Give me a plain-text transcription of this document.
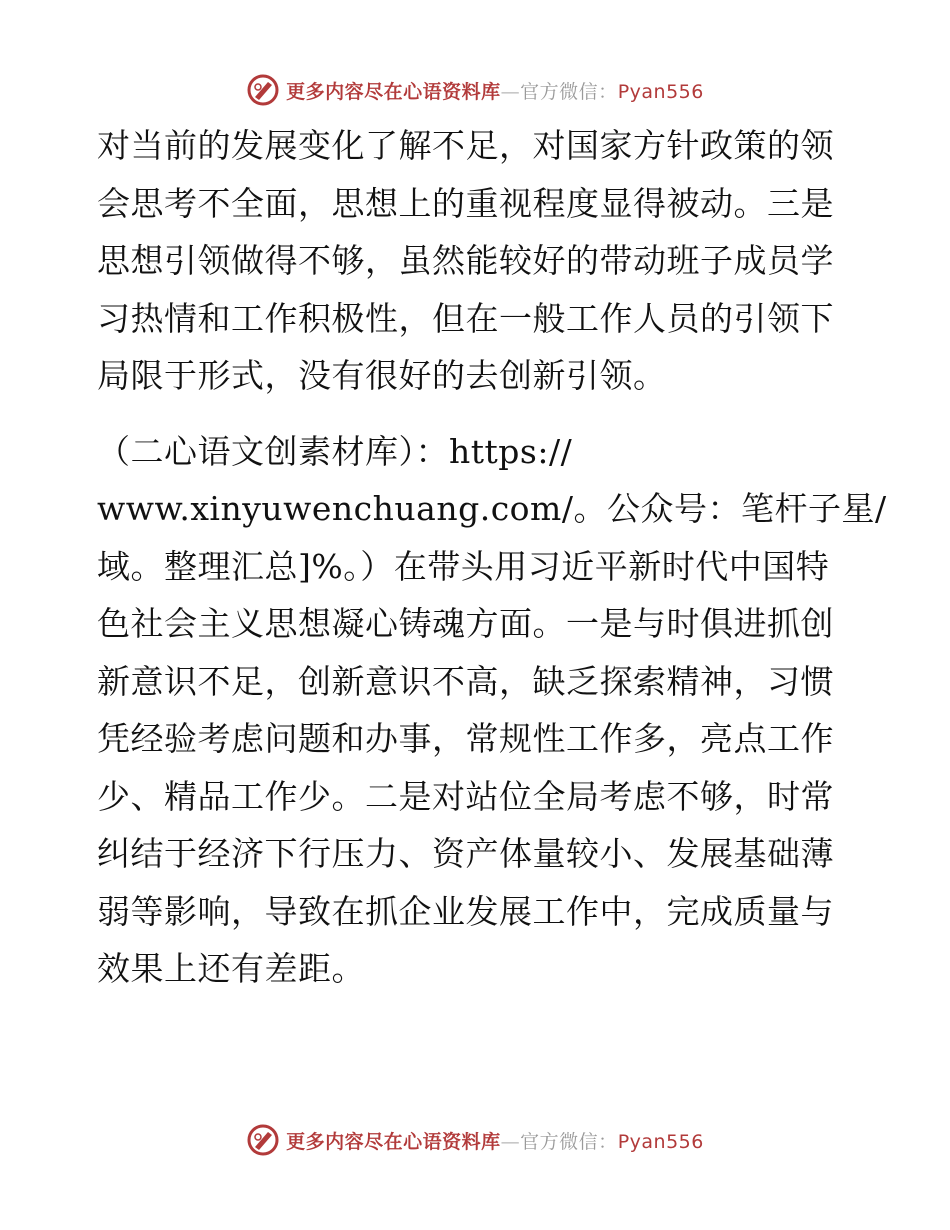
更多内容尽在心语资料库—官方微信：Pyan556
对当前的发展变化了解不足，对国家方针政策的领
会思考不全面，思想上的重视程度显得被动。三是
思想引领做得不够，虽然能较好的带动班子成员学
习热情和工作积极性，但在一般工作人员的引领下
局限于形式，没有很好的去创新引领。
（二心语文创素材库）：https://
www.xinyuwenchuang.com/。公众号：笔杆子星/
域。整理汇总]%。）在带头用习近平新时代中国特
色社会主义思想凝心铸魂方面。一是与时俱进抓创
新意识不足，创新意识不高，缺乏探索精神，习惯
凭经验考虑问题和办事，常规性工作多，亮点工作
少、精品工作少。二是对站位全局考虑不够，时常
纠结于经济下行压力、资产体量较小、发展基础薄
弱等影响，导致在抓企业发展工作中，完成质量与
效果上还有差距。
更多内容尽在心语资料库—官方微信：Pyan556
